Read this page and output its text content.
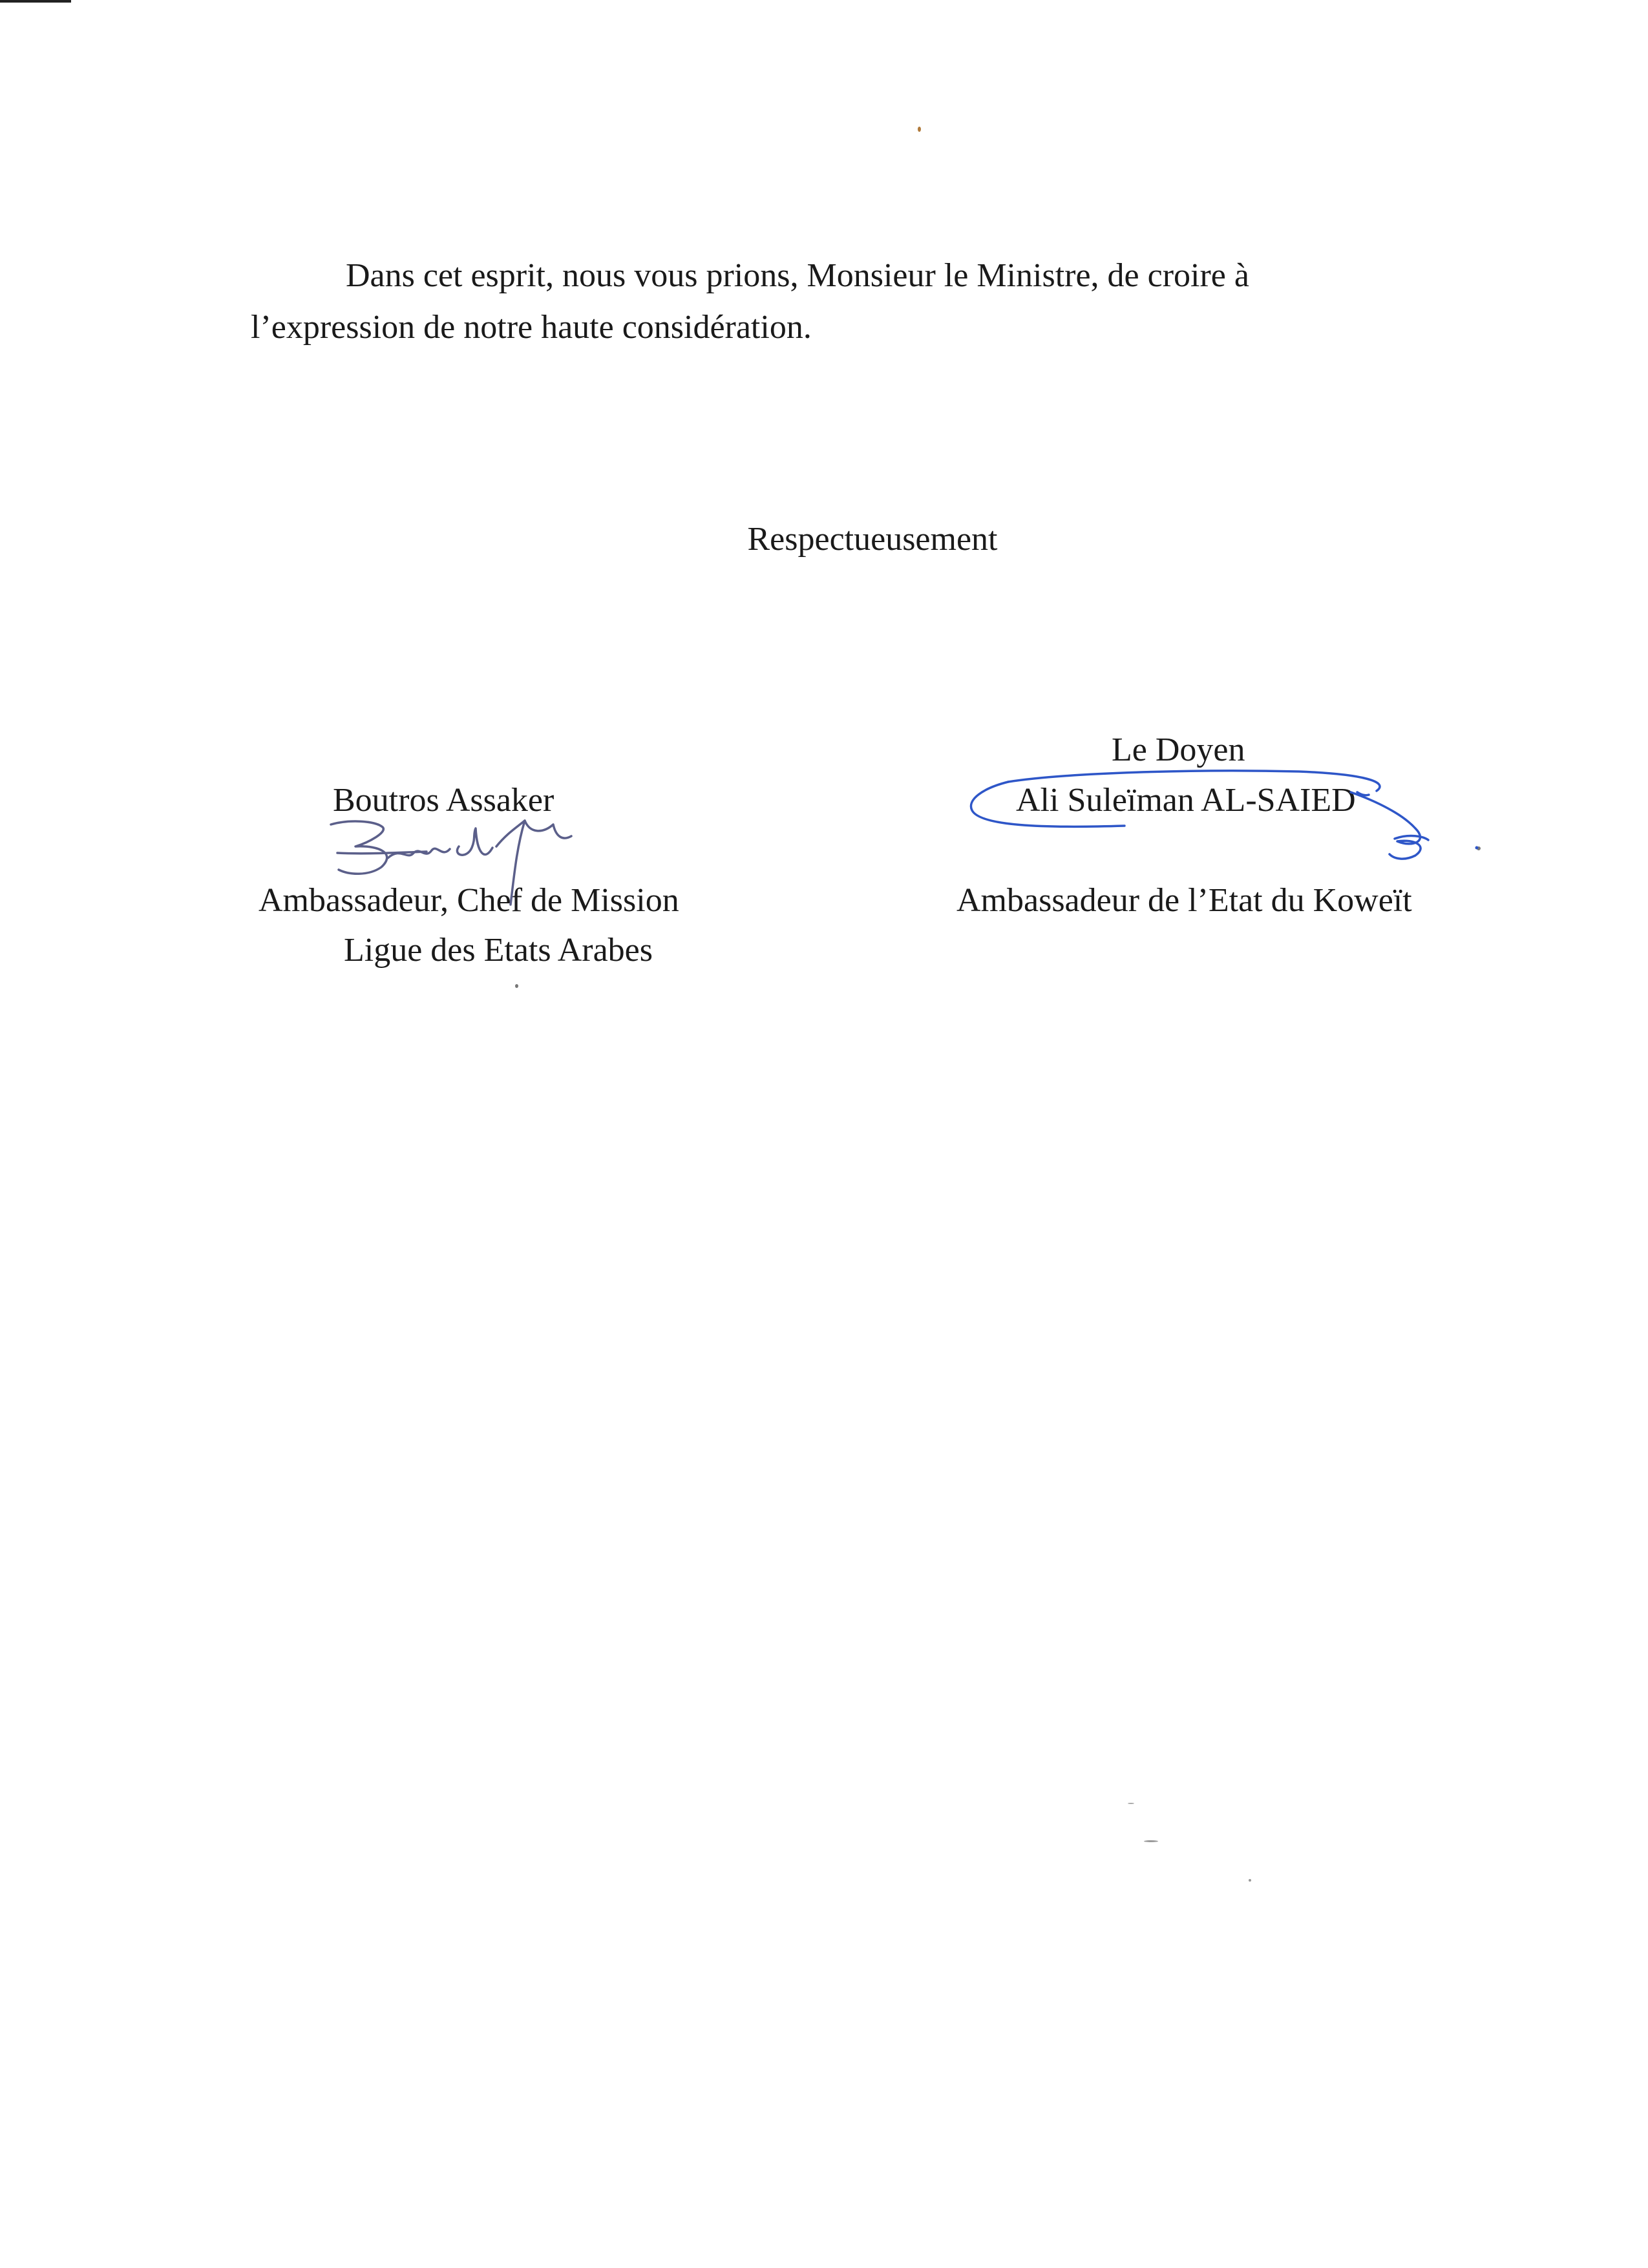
Dans cet esprit, nous vous prions, Monsieur le Ministre, de croire à
l’expression de notre haute considération.
Respectueusement
Boutros Assaker
Ambassadeur, Chef de Mission
Ligue des Etats Arabes
Le Doyen
Ali Suleïman AL-SAIED
Ambassadeur de l’Etat du Koweït
